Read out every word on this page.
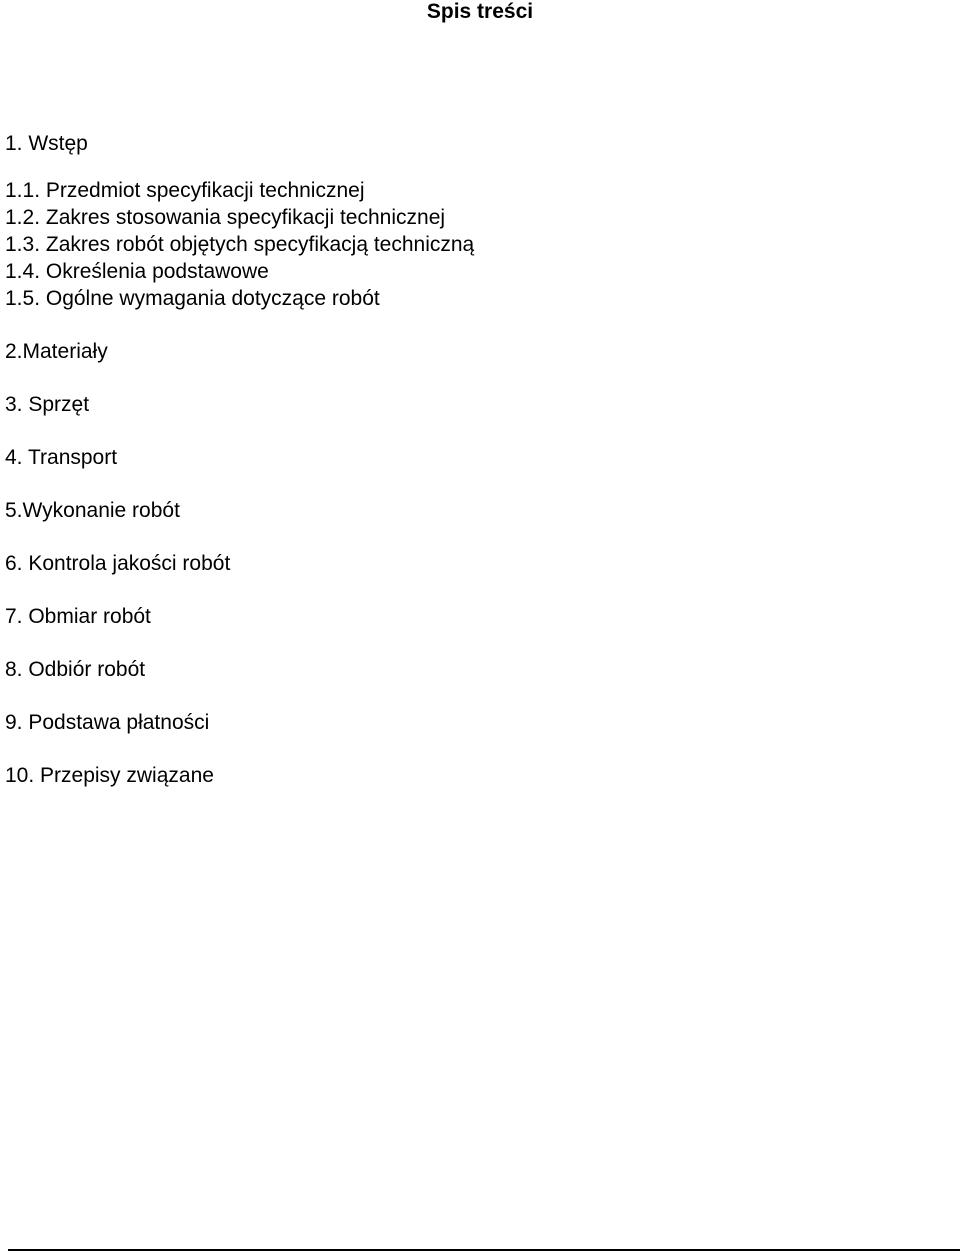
Spis treści
1. Wstęp
1.1. Przedmiot specyfikacji technicznej
1.2. Zakres stosowania specyfikacji technicznej
1.3. Zakres robót objętych specyfikacją techniczną
1.4. Określenia podstawowe
1.5. Ogólne wymagania dotyczące robót
2.Materiały
3. Sprzęt
4. Transport
5.Wykonanie robót
6. Kontrola jakości robót
7. Obmiar robót
8. Odbiór robót
9. Podstawa płatności
10. Przepisy związane
